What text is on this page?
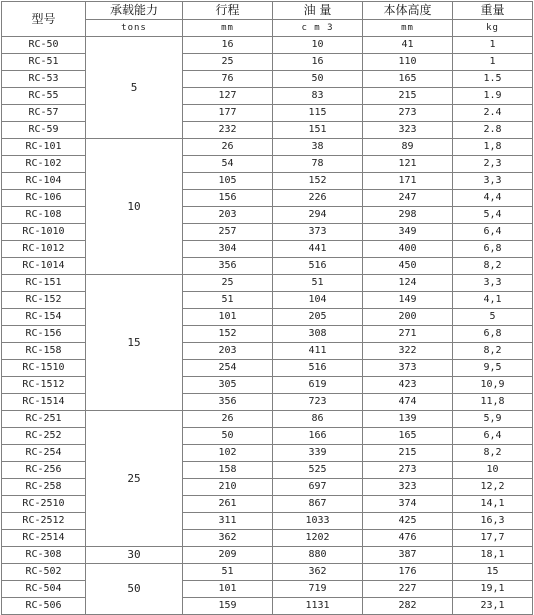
型号	承载能力	行程	油 量	本体高度	重量
	tons	mm	c m 3	mm	kg
RC-50	5	16	10	41	1
RC-51		25	16	110	1
RC-53		76	50	165	1.5
RC-55		127	83	215	1.9
RC-57		177	115	273	2.4
RC-59		232	151	323	2.8
RC-101	10	26	38	89	1,8
RC-102		54	78	121	2,3
RC-104		105	152	171	3,3
RC-106		156	226	247	4,4
RC-108		203	294	298	5,4
RC-1010		257	373	349	6,4
RC-1012		304	441	400	6,8
RC-1014		356	516	450	8,2
RC-151	15	25	51	124	3,3
RC-152		51	104	149	4,1
RC-154		101	205	200	5
RC-156		152	308	271	6,8
RC-158		203	411	322	8,2
RC-1510		254	516	373	9,5
RC-1512		305	619	423	10,9
RC-1514		356	723	474	11,8
RC-251	25	26	86	139	5,9
RC-252		50	166	165	6,4
RC-254		102	339	215	8,2
RC-256		158	525	273	10
RC-258		210	697	323	12,2
RC-2510		261	867	374	14,1
RC-2512		311	1033	425	16,3
RC-2514		362	1202	476	17,7
RC-308	30	209	880	387	18,1
RC-502	50	51	362	176	15
RC-504		101	719	227	19,1
RC-506		159	1131	282	23,1
